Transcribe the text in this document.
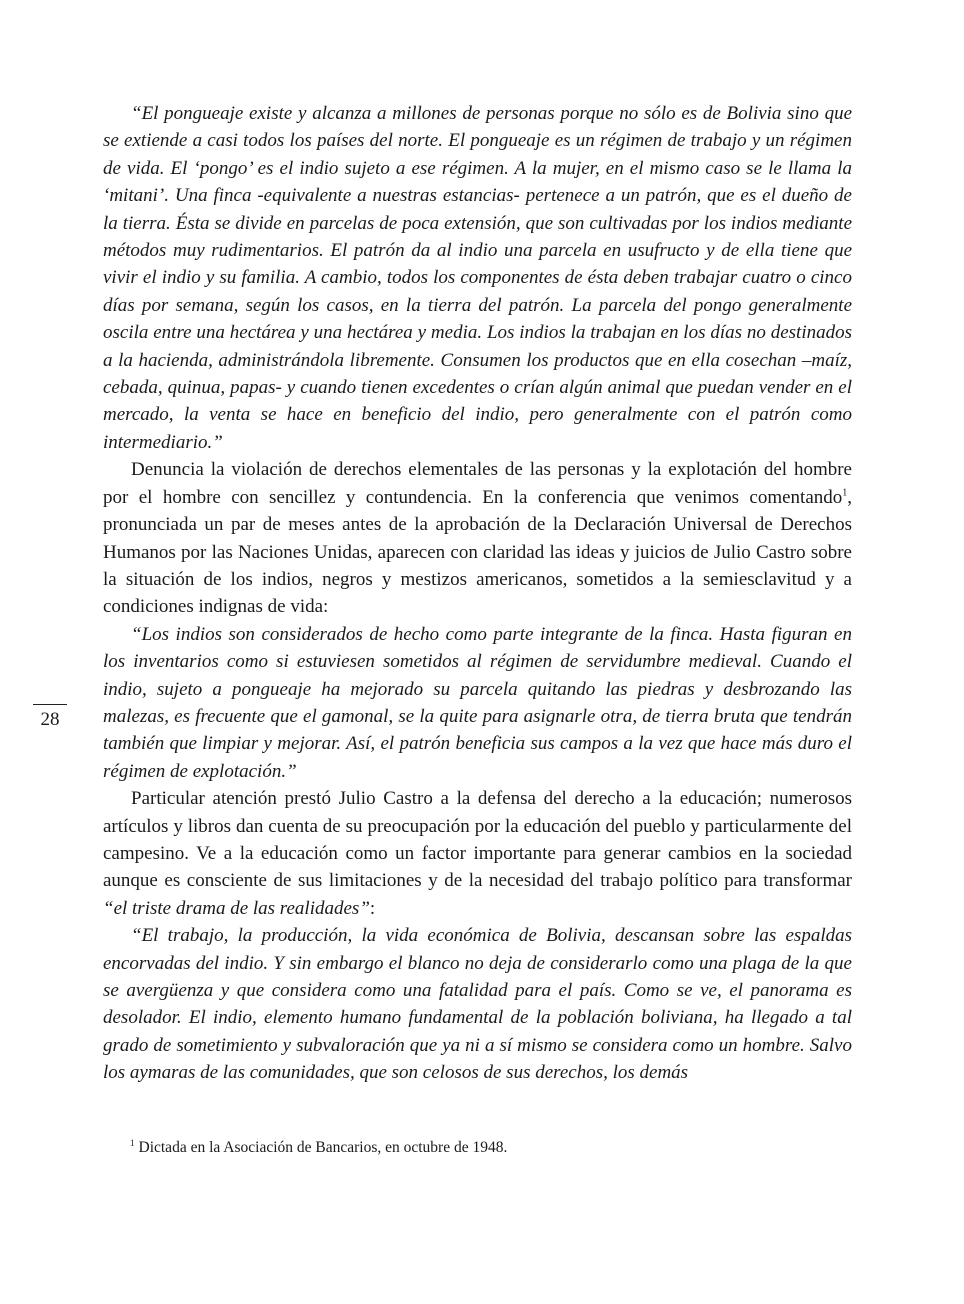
28

“El pongueaje existe y alcanza a millones de personas porque no sólo es de Bolivia sino que se extiende a casi todos los países del norte. El pongueaje es un régimen de trabajo y un régimen de vida. El ‘pongo’ es el indio sujeto a ese régimen. A la mujer, en el mismo caso se le llama la ‘mitani’. Una finca -equivalente a nuestras estancias- pertenece a un patrón, que es el dueño de la tierra. Ésta se divide en parcelas de poca extensión, que son cultivadas por los indios mediante métodos muy rudimentarios. El patrón da al indio una parcela en usufructo y de ella tiene que vivir el indio y su familia. A cambio, todos los componentes de ésta deben trabajar cuatro o cinco días por semana, según los casos, en la tierra del patrón. La parcela del pongo generalmente oscila entre una hectárea y una hectárea y media. Los indios la trabajan en los días no destinados a la hacienda, administrándola libremente. Consumen los productos que en ella cosechan –maíz, cebada, quinua, papas- y cuando tienen excedentes o crían algún animal que puedan vender en el mercado, la venta se hace en beneficio del indio, pero generalmente con el patrón como intermediario.”

Denuncia la violación de derechos elementales de las personas y la explotación del hombre por el hombre con sencillez y contundencia. En la conferencia que venimos comentando$^1$, pronunciada un par de meses antes de la aprobación de la Declaración Universal de Derechos Humanos por las Naciones Unidas, aparecen con claridad las ideas y juicios de Julio Castro sobre la situación de los indios, negros y mestizos americanos, sometidos a la semiesclavitud y a condiciones indignas de vida:

“Los indios son considerados de hecho como parte integrante de la finca. Hasta figuran en los inventarios como si estuviesen sometidos al régimen de servidumbre medieval. Cuando el indio, sujeto a pongueaje ha mejorado su parcela quitando las piedras y desbrozando las malezas, es frecuente que el gamonal, se la quite para asignarle otra, de tierra bruta que tendrán también que limpiar y mejorar. Así, el patrón beneficia sus campos a la vez que hace más duro el régimen de explotación.”

Particular atención prestó Julio Castro a la defensa del derecho a la educación; numerosos artículos y libros dan cuenta de su preocupación por la educación del pueblo y particularmente del campesino. Ve a la educación como un factor importante para generar cambios en la sociedad aunque es consciente de sus limitaciones y de la necesidad del trabajo político para transformar “el triste drama de las realidades”:

“El trabajo, la producción, la vida económica de Bolivia, descansan sobre las espaldas encorvadas del indio. Y sin embargo el blanco no deja de considerarlo como una plaga de la que se avergüenza y que considera como una fatalidad para el país. Como se ve, el panorama es desolador. El indio, elemento humano fundamental de la población boliviana, ha llegado a tal grado de sometimiento y subvaloración que ya ni a sí mismo se considera como un hombre. Salvo los aymaras de las comunidades, que son celosos de sus derechos, los demás

$^1$ Dictada en la Asociación de Bancarios, en octubre de 1948.
